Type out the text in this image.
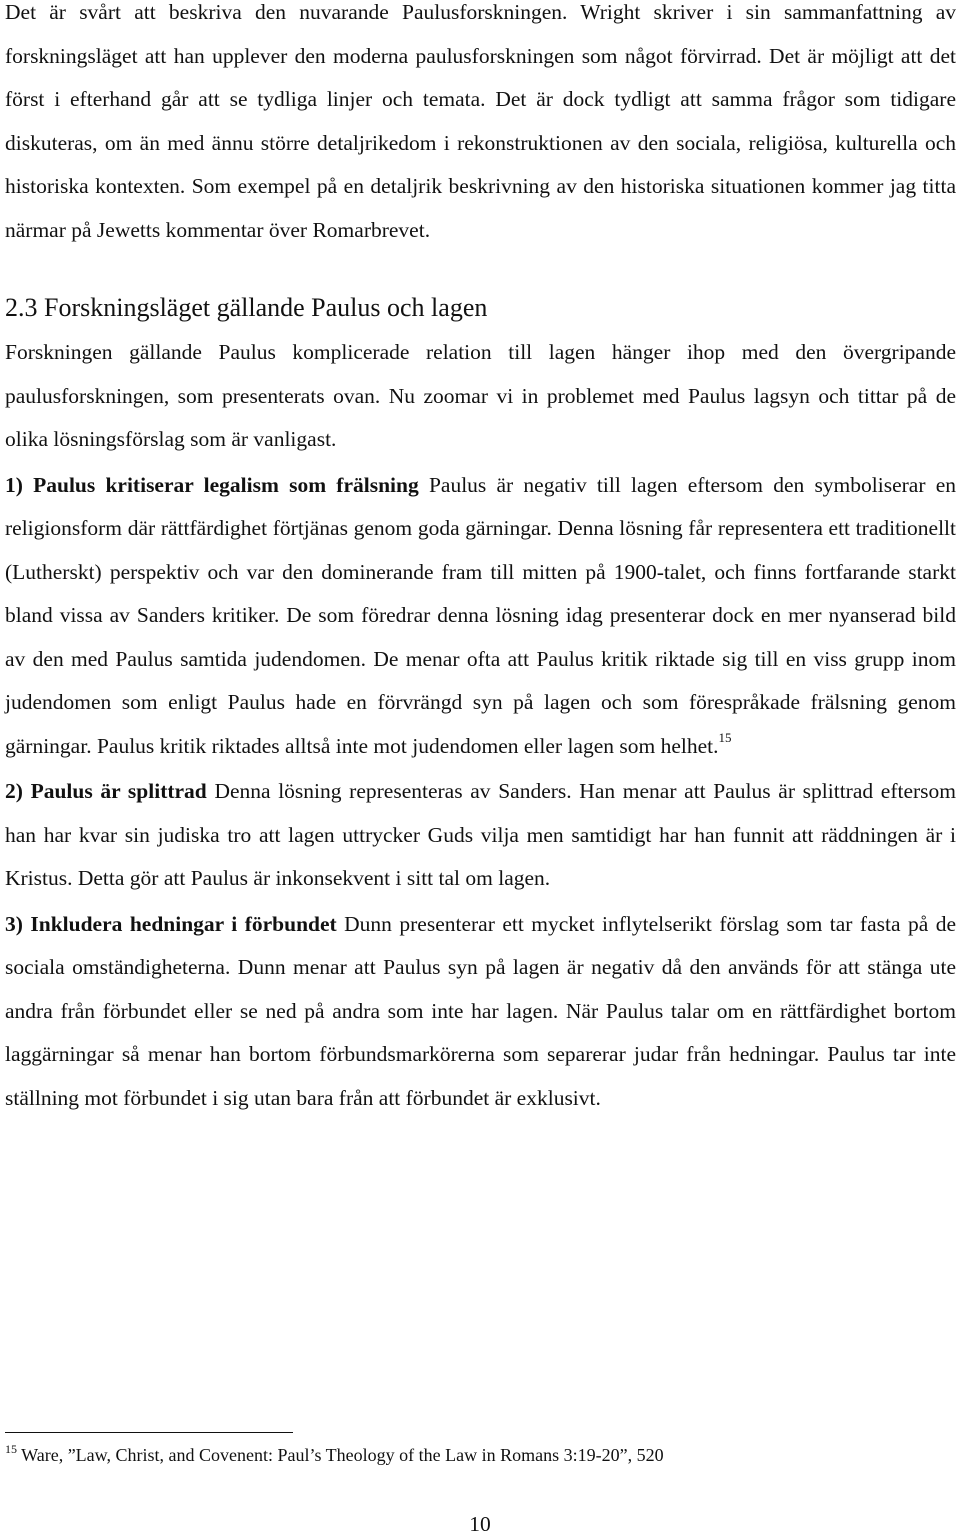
Det är svårt att beskriva den nuvarande Paulusforskningen. Wright skriver i sin sammanfattning av forskningsläget att han upplever den moderna paulusforskningen som något förvirrad. Det är möjligt att det först i efterhand går att se tydliga linjer och temata. Det är dock tydligt att samma frågor som tidigare diskuteras, om än med ännu större detaljrikedom i rekonstruktionen av den sociala, religiösa, kulturella och historiska kontexten. Som exempel på en detaljrik beskrivning av den historiska situationen kommer jag titta närmar på Jewetts kommentar över Romarbrevet.

2.3 Forskningsläget gällande Paulus och lagen

Forskningen gällande Paulus komplicerade relation till lagen hänger ihop med den övergripande paulusforskningen, som presenterats ovan. Nu zoomar vi in problemet med Paulus lagsyn och tittar på de olika lösningsförslag som är vanligast.

1) Paulus kritiserar legalism som frälsning Paulus är negativ till lagen eftersom den symboliserar en religionsform där rättfärdighet förtjänas genom goda gärningar. Denna lösning får representera ett traditionellt (Lutherskt) perspektiv och var den dominerande fram till mitten på 1900-talet, och finns fortfarande starkt bland vissa av Sanders kritiker. De som föredrar denna lösning idag presenterar dock en mer nyanserad bild av den med Paulus samtida judendomen. De menar ofta att Paulus kritik riktade sig till en viss grupp inom judendomen som enligt Paulus hade en förvrängd syn på lagen och som förespråkade frälsning genom gärningar. Paulus kritik riktades alltså inte mot judendomen eller lagen som helhet.$^{15}$

2) Paulus är splittrad Denna lösning representeras av Sanders. Han menar att Paulus är splittrad eftersom han har kvar sin judiska tro att lagen uttrycker Guds vilja men samtidigt har han funnit att räddningen är i Kristus. Detta gör att Paulus är inkonsekvent i sitt tal om lagen.

3) Inkludera hedningar i förbundet Dunn presenterar ett mycket inflytelserikt förslag som tar fasta på de sociala omständigheterna. Dunn menar att Paulus syn på lagen är negativ då den används för att stänga ute andra från förbundet eller se ned på andra som inte har lagen. När Paulus talar om en rättfärdighet bortom laggärningar så menar han bortom förbundsmarkörerna som separerar judar från hedningar. Paulus tar inte ställning mot förbundet i sig utan bara från att förbundet är exklusivt.

$^{15}$ Ware, ”Law, Christ, and Covenent: Paul’s Theology of the Law in Romans 3:19-20”, 520
10
